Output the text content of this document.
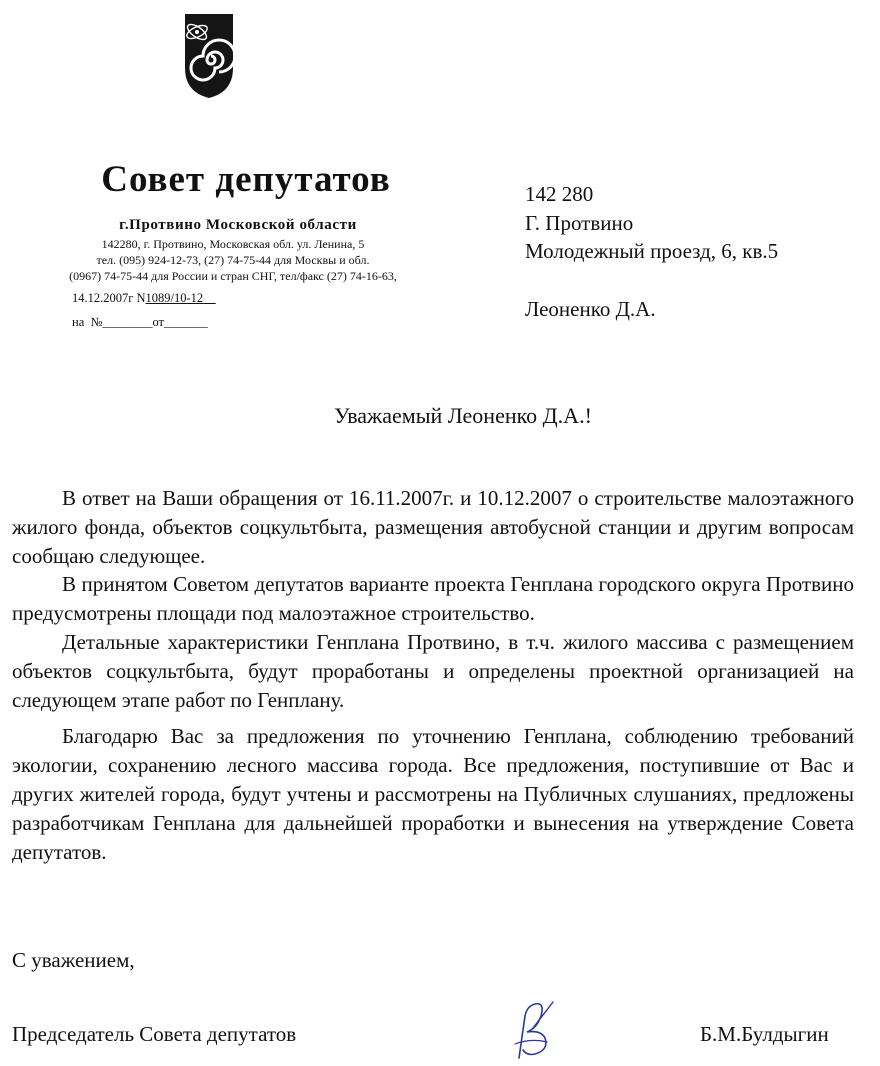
Совет депутатов
г.Протвино Московской области
142280, г. Протвино, Московская обл. ул. Ленина, 5
тел. (095) 924-12-73, (27) 74-75-44 для Москвы и обл.
(0967) 74-75-44 для России и стран СНГ, тел/факс (27) 74-16-63,
14.12.2007г N1089/10-12
на №________от_______
142 280
Г. Протвино
Молодежный проезд, 6, кв.5
Леоненко Д.А.
Уважаемый Леоненко Д.А.!

В ответ на Ваши обращения от 16.11.2007г. и 10.12.2007 о строительстве малоэтажного жилого фонда, объектов соцкультбыта, размещения автобусной станции и другим вопросам сообщаю следующее.

В принятом Советом депутатов варианте проекта Генплана городского округа Протвино предусмотрены площади под малоэтажное строительство.

Детальные характеристики Генплана Протвино, в т.ч. жилого массива с размещением объектов соцкультбыта, будут проработаны и определены проектной организацией на следующем этапе работ по Генплану.

Благодарю Вас за предложения по уточнению Генплана, соблюдению требований экологии, сохранению лесного массива города. Все предложения, поступившие от Вас и других жителей города, будут учтены и рассмотрены на Публичных слушаниях, предложены разработчикам Генплана для дальнейшей проработки и вынесения на утверждение Совета депутатов.

С уважением,
Председатель Совета депутатов	Б.М.Булдыгин
